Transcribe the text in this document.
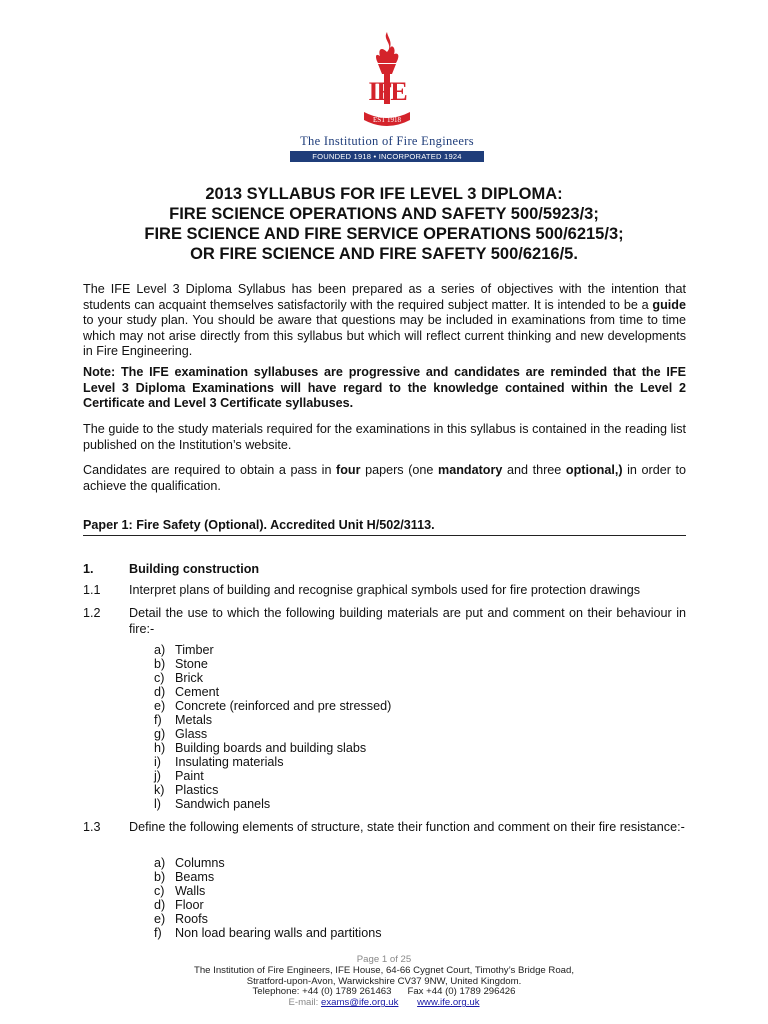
IFE
EST 1918
The Institution of Fire Engineers
FOUNDED 1918 • INCORPORATED 1924
2013 SYLLABUS FOR IFE LEVEL 3 DIPLOMA:
FIRE SCIENCE OPERATIONS AND SAFETY 500/5923/3;
FIRE SCIENCE AND FIRE SERVICE OPERATIONS 500/6215/3;
OR FIRE SCIENCE AND FIRE SAFETY 500/6216/5.
The IFE Level 3 Diploma Syllabus has been prepared as a series of objectives with the intention that students can acquaint themselves satisfactorily with the required subject matter. It is intended to be a guide to your study plan. You should be aware that questions may be included in examinations from time to time which may not arise directly from this syllabus but which will reflect current thinking and new developments in Fire Engineering.
Note: The IFE examination syllabuses are progressive and candidates are reminded that the IFE Level 3 Diploma Examinations will have regard to the knowledge contained within the Level 2 Certificate and Level 3 Certificate syllabuses.
The guide to the study materials required for the examinations in this syllabus is contained in the reading list published on the Institution’s website.
Candidates are required to obtain a pass in four papers (one mandatory and three optional,) in order to achieve the qualification.
Paper 1: Fire Safety (Optional). Accredited Unit H/502/3113.
1.	Building construction
1.1 Interpret plans of building and recognise graphical symbols used for fire protection drawings
1.2 Detail the use to which the following building materials are put and comment on their behaviour in fire:-
a) Timber
b) Stone
c) Brick
d) Cement
e) Concrete (reinforced and pre stressed)
f) Metals
g) Glass
h) Building boards and building slabs
i) Insulating materials
j) Paint
k) Plastics
l) Sandwich panels
1.3 Define the following elements of structure, state their function and comment on their fire resistance:-
a) Columns
b) Beams
c) Walls
d) Floor
e) Roofs
f) Non load bearing walls and partitions
Page 1 of 25
The Institution of Fire Engineers, IFE House, 64-66 Cygnet Court, Timothy’s Bridge Road,
Stratford-upon-Avon, Warwickshire CV37 9NW, United Kingdom.
Telephone: +44 (0) 1789 261463      Fax +44 (0) 1789 296426
E-mail: exams@ife.org.uk www.ife.org.uk
